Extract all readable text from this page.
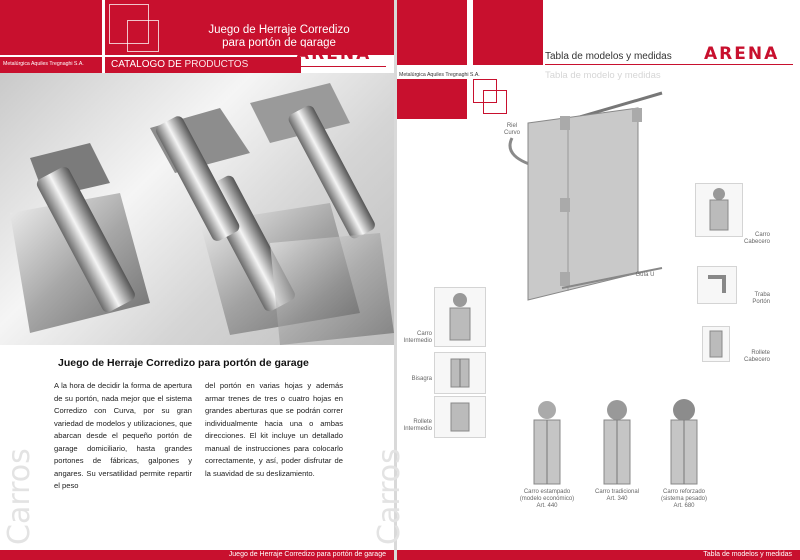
Juego de Herraje Corredizo
para portón de garage
Metalúrgica Aquiles Tregnaghi S.A.	CATALOGO DE PRODUCTOS
ARENA
Juego de Herraje Corredizo para portón de garage
A la hora de decidir la forma de apertura de su portón, nada mejor que el sistema Corredizo con Curva, por su gran variedad de modelos y utilizaciones, que abarcan desde el pequeño portón de garage domiciliario, hasta grandes portones de fábricas, galpones y angares. Su versatilidad permite repartir el peso
del portón en varias hojas y además armar trenes de tres o cuatro hojas en grandes aberturas que se podrán correr individualmente hacia una o ambas direcciones. El kit incluye un detallado manual de instrucciones para colocarlo correctamente, y así, poder disfrutar de la suavidad de su deslizamiento.
Carros
Juego de Herraje Corredizo para portón de garage
Tabla de modelos y medidas
Tabla de modelo y medidas
ARENA
Metalúrgica Aquiles Tregnaghi S.A.
Riel
Curvo
Guía U
Carro
Cabecero
Traba
Portón
Rollete
Cabecero
Carro
Intermedio
Bisagra
Rollete
Intermedio
Carro estampado
(modelo económico)
Art. 440
Carro tradicional
Art. 340
Carro reforzado
(sistema pesado)
Art. 680
Carros
Tabla de modelos y medidas
